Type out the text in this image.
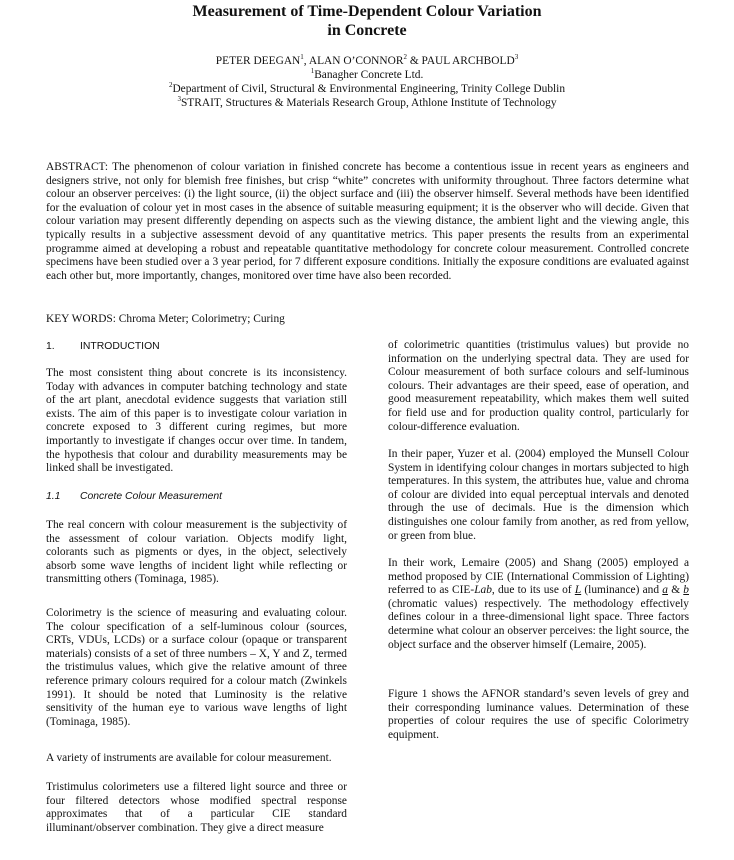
Measurement of Time-Dependent Colour Variation
in Concrete
PETER DEEGAN$^1$, ALAN O’CONNOR$^2$ & PAUL ARCHBOLD$^3$
$^1$Banagher Concrete Ltd.
$^2$Department of Civil, Structural & Environmental Engineering, Trinity College Dublin
$^3$STRAIT, Structures & Materials Research Group, Athlone Institute of Technology
ABSTRACT: The phenomenon of colour variation in finished concrete has become a contentious issue in recent years as engineers and designers strive, not only for blemish free finishes, but crisp “white” concretes with uniformity throughout. Three factors determine what colour an observer perceives: (i) the light source, (ii) the object surface and (iii) the observer himself. Several methods have been identified for the evaluation of colour yet in most cases in the absence of suitable measuring equipment; it is the observer who will decide. Given that colour variation may present differently depending on aspects such as the viewing distance, the ambient light and the viewing angle, this typically results in a subjective assessment devoid of any quantitative metrics. This paper presents the results from an experimental programme aimed at developing a robust and repeatable quantitative methodology for concrete colour measurement. Controlled concrete specimens have been studied over a 3 year period, for 7 different exposure conditions. Initially the exposure conditions are evaluated against each other but, more importantly, changes, monitored over time have also been recorded.
KEY WORDS: Chroma Meter; Colorimetry; Curing
1. INTRODUCTION
The most consistent thing about concrete is its inconsistency. Today with advances in computer batching technology and state of the art plant, anecdotal evidence suggests that variation still exists. The aim of this paper is to investigate colour variation in concrete exposed to 3 different curing regimes, but more importantly to investigate if changes occur over time. In tandem, the hypothesis that colour and durability measurements may be linked shall be investigated.
1.1 Concrete Colour Measurement
The real concern with colour measurement is the subjectivity of the assessment of colour variation. Objects modify light, colorants such as pigments or dyes, in the object, selectively absorb some wave lengths of incident light while reflecting or transmitting others (Tominaga, 1985).
Colorimetry is the science of measuring and evaluating colour. The colour specification of a self-luminous colour (sources, CRTs, VDUs, LCDs) or a surface colour (opaque or transparent materials) consists of a set of three numbers – X, Y and Z, termed the tristimulus values, which give the relative amount of three reference primary colours required for a colour match (Zwinkels 1991). It should be noted that Luminosity is the relative sensitivity of the human eye to various wave lengths of light (Tominaga, 1985).
A variety of instruments are available for colour measurement.
Tristimulus colorimeters use a filtered light source and three or four filtered detectors whose modified spectral response approximates that of a particular CIE standard illuminant/observer combination. They give a direct measure
of colorimetric quantities (tristimulus values) but provide no information on the underlying spectral data. They are used for Colour measurement of both surface colours and self-luminous colours. Their advantages are their speed, ease of operation, and good measurement repeatability, which makes them well suited for field use and for production quality control, particularly for colour-difference evaluation.
In their paper, Yuzer et al. (2004) employed the Munsell Colour System in identifying colour changes in mortars subjected to high temperatures. In this system, the attributes hue, value and chroma of colour are divided into equal perceptual intervals and denoted through the use of decimals. Hue is the dimension which distinguishes one colour family from another, as red from yellow, or green from blue.
In their work, Lemaire (2005) and Shang (2005) employed a method proposed by CIE (International Commission of Lighting) referred to as CIE-Lab, due to its use of L (luminance) and a & b (chromatic values) respectively. The methodology effectively defines colour in a three-dimensional light space. Three factors determine what colour an observer perceives: the light source, the object surface and the observer himself (Lemaire, 2005).
Figure 1 shows the AFNOR standard’s seven levels of grey and their corresponding luminance values. Determination of these properties of colour requires the use of specific Colorimetry equipment.
